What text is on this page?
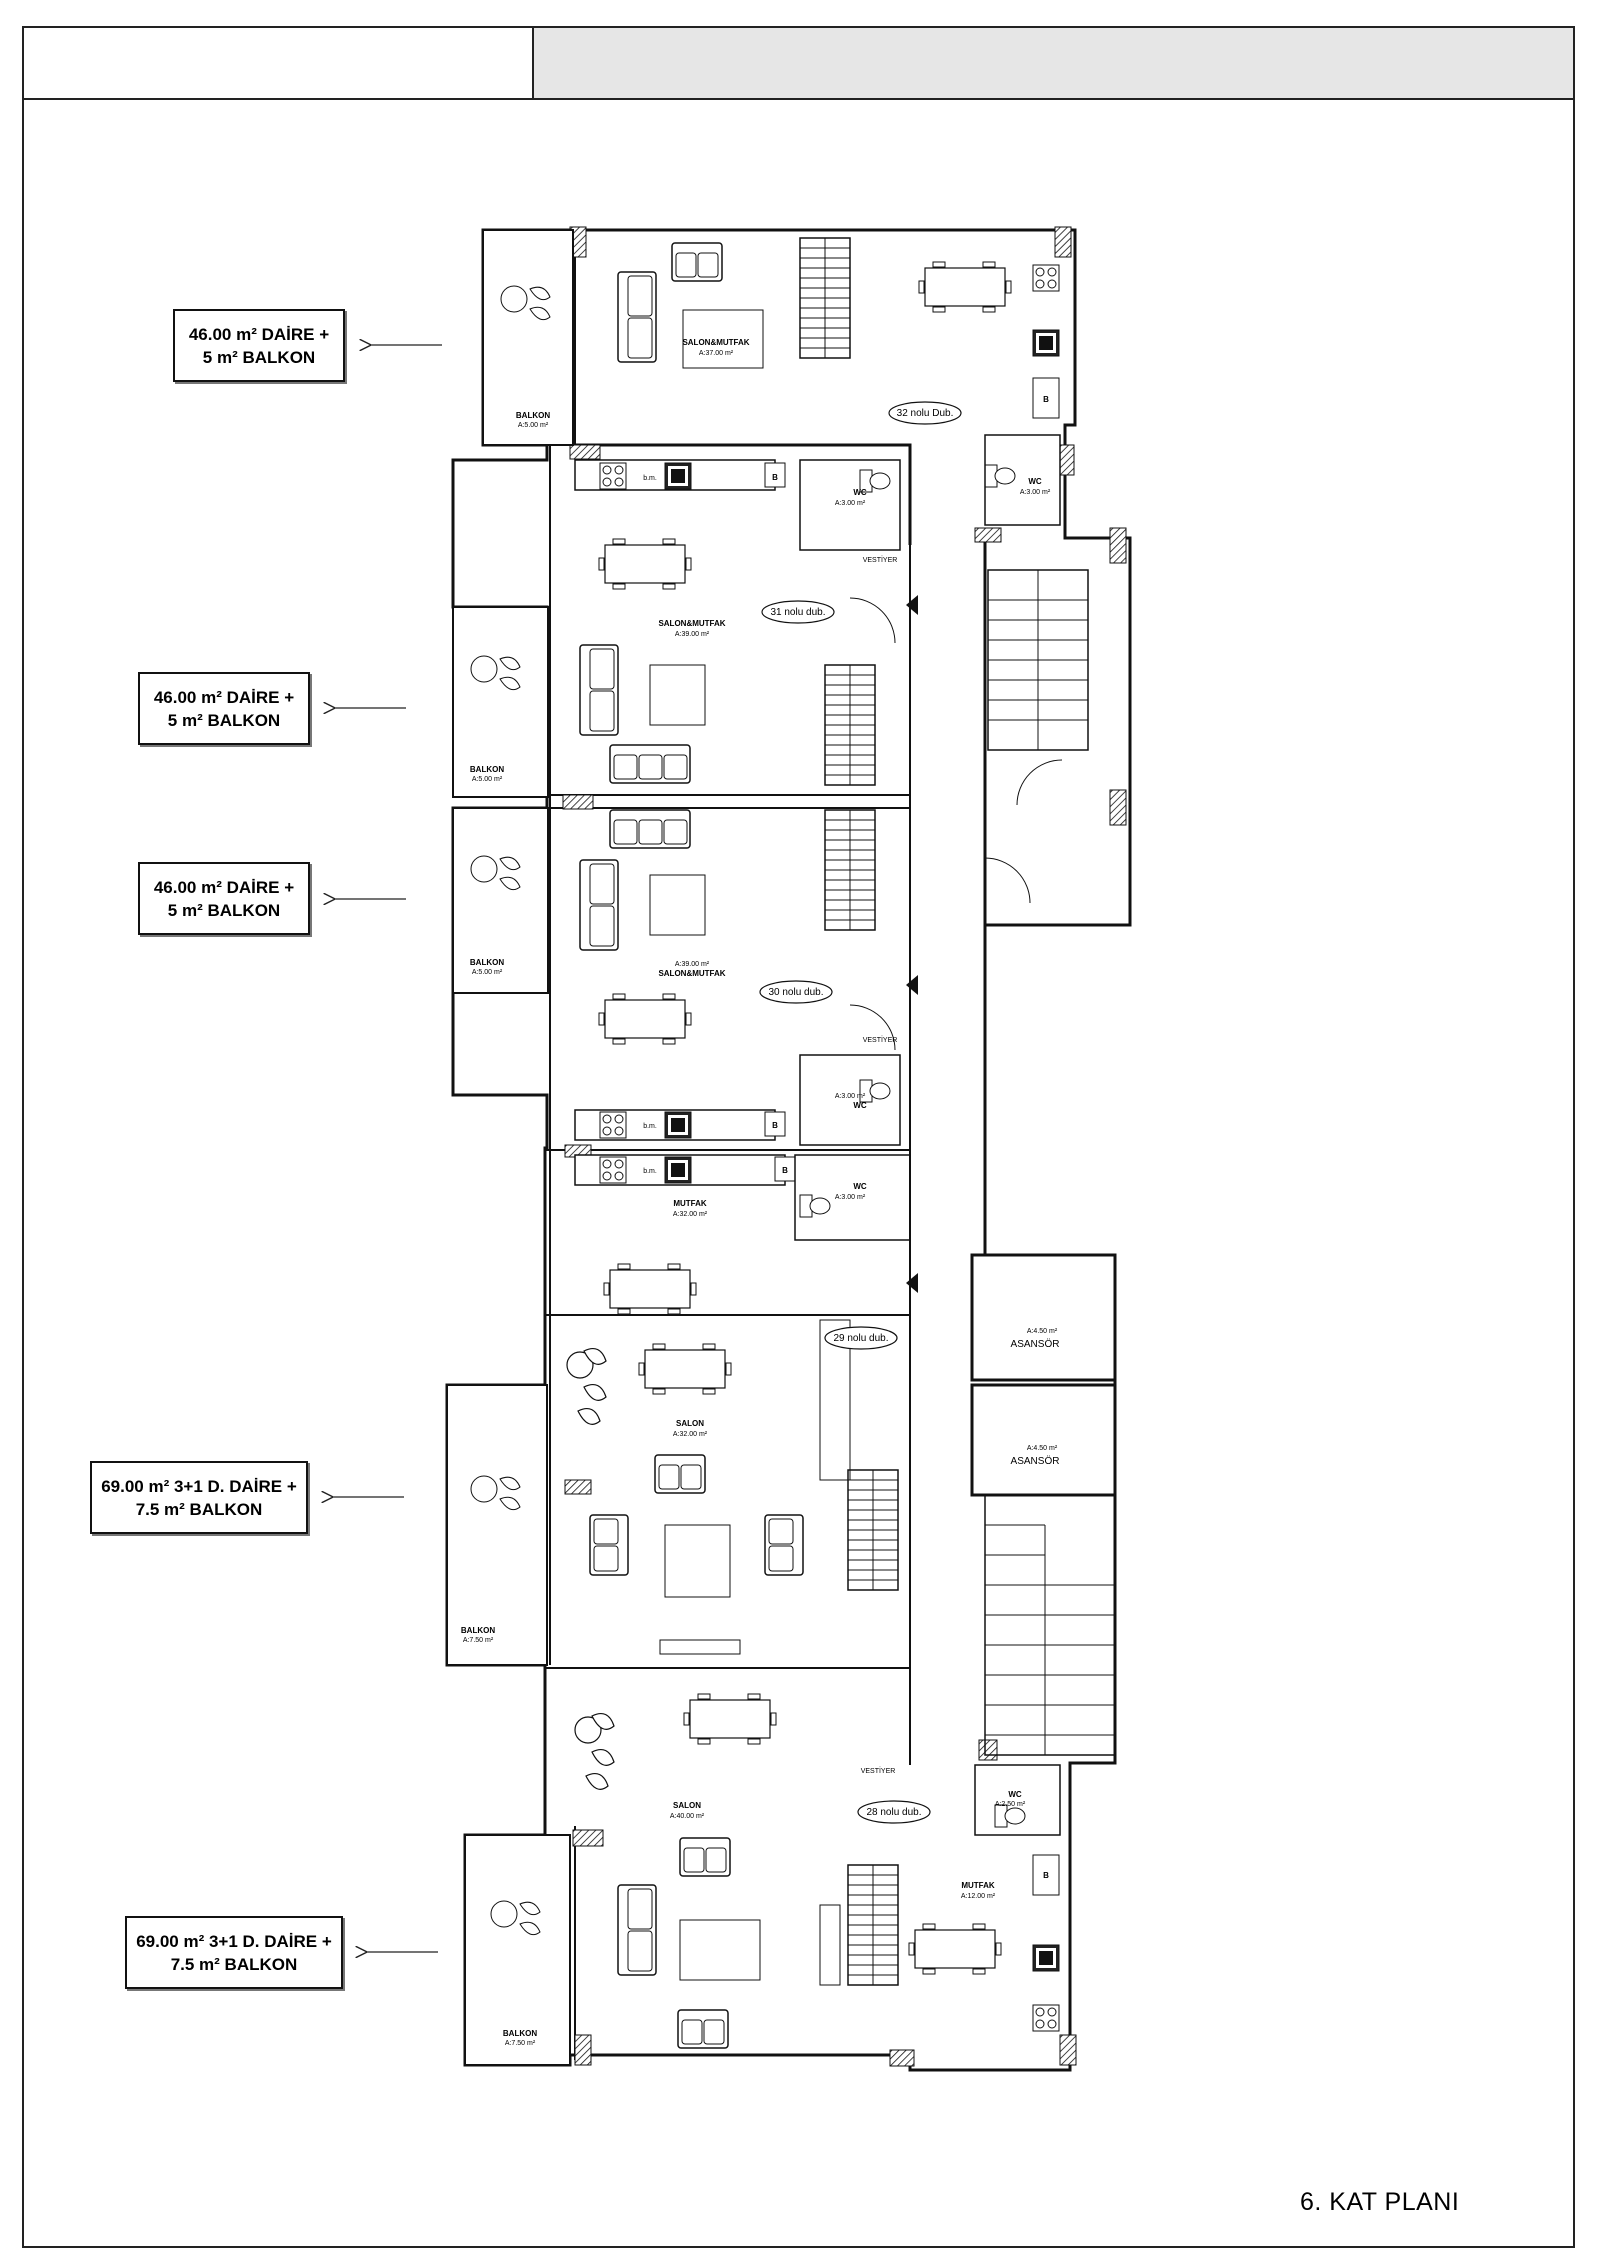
SALON&MUTFAK
A:37.00 m²
BALKON
A:5.00 m²
WC
A:3.00 m²
SALON&MUTFAK
A:39.00 m²
BALKON
A:5.00 m²
WC
A:3.00 m²
A:39.00 m²
SALON&MUTFAK
BALKON
A:5.00 m²
A:3.00 m²
WC
MUTFAK
A:32.00 m²
WC
A:3.00 m²
SALON
A:32.00 m²
BALKON
A:7.50 m²
SALON
A:40.00 m²
MUTFAK
A:12.00 m²
WC
A:2.50 m²
BALKON
A:7.50 m²
A:4.50 m²
ASANSÖR
A:4.50 m²
ASANSÖR
VESTİYER
VESTİYER
VESTİYER
b.m.
b.m.
b.m.
B
B
B
B
B
32 nolu Dub.
31 nolu dub.
30 nolu dub.
29 nolu dub.
28 nolu dub.
46.00 m² DAİRE +
5 m² BALKON
46.00 m² DAİRE +
5 m² BALKON
46.00 m² DAİRE +
5 m² BALKON
69.00 m² 3+1 D. DAİRE +
7.5 m² BALKON
69.00 m² 3+1 D. DAİRE +
7.5 m² BALKON
6. KAT PLANI
